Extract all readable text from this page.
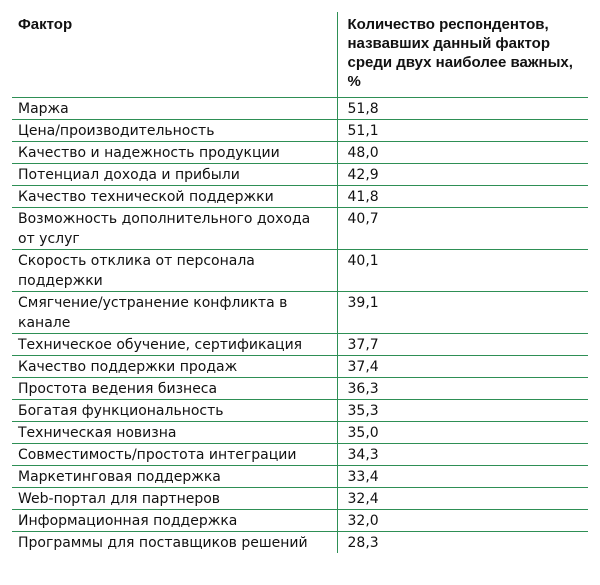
Фактор	Количество респондентов, назвавших данный фактор среди двух наиболее важных, %
Маржа	51,8
Цена/производительность	51,1
Качество и надежность продукции	48,0
Потенциал дохода и прибыли	42,9
Качество технической поддержки	41,8
Возможность дополнительного дохода от услуг	40,7
Скорость отклика от персонала поддержки	40,1
Смягчение/устранение конфликта в канале	39,1
Техническое обучение, сертификация	37,7
Качество поддержки продаж	37,4
Простота ведения бизнеса	36,3
Богатая функциональность	35,3
Техническая новизна	35,0
Совместимость/простота интеграции	34,3
Маркетинговая поддержка	33,4
Web-портал для партнеров	32,4
Информационная поддержка	32,0
Программы для поставщиков решений	28,3
